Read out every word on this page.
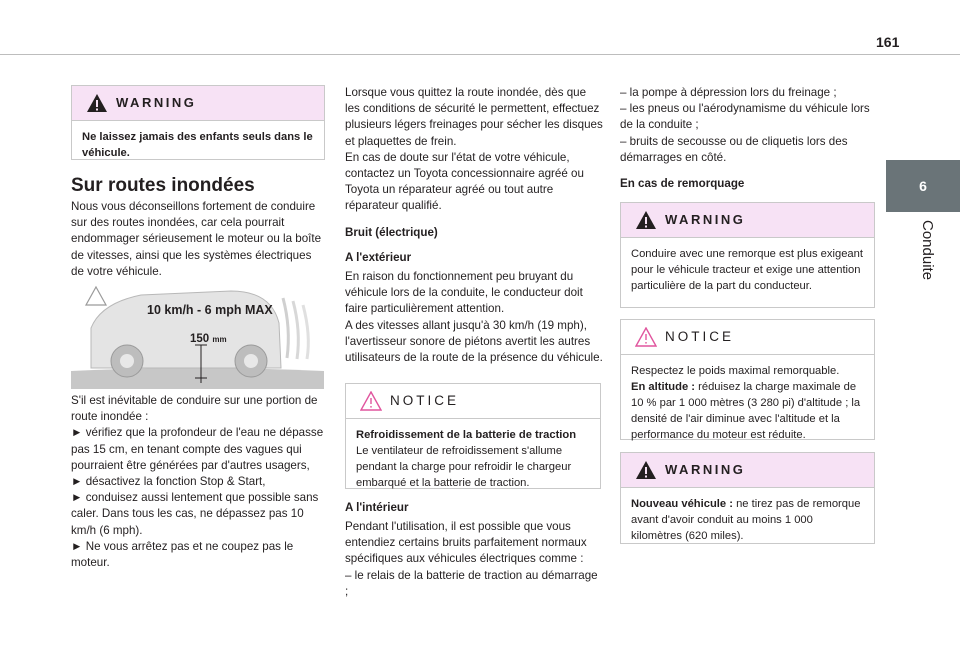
161
6
Conduite
WARNING
Ne laissez jamais des enfants seuls dans le véhicule.
Sur routes inondées

Nous vous déconseillons fortement de conduire sur des routes inondées, car cela pourrait endommager sérieusement le moteur ou la boîte de vitesses, ainsi que les systèmes électriques de votre véhicule.

10 km/h - 6 mph MAX
150 mm

S'il est inévitable de conduire sur une portion de route inondée :

► vérifiez que la profondeur de l'eau ne dépasse pas 15 cm, en tenant compte des vagues qui pourraient être générées par d'autres usagers,

► désactivez la fonction Stop & Start,

► conduisez aussi lentement que possible sans caler. Dans tous les cas, ne dépassez pas 10 km/h (6 mph).

► Ne vous arrêtez pas et ne coupez pas le moteur.

Lorsque vous quittez la route inondée, dès que les conditions de sécurité le permettent, effectuez plusieurs légers freinages pour sécher les disques et plaquettes de frein.

En cas de doute sur l'état de votre véhicule, contactez un Toyota concessionnaire agréé ou Toyota un réparateur agréé ou tout autre réparateur qualifié.

Bruit (électrique)
A l'extérieur

En raison du fonctionnement peu bruyant du véhicule lors de la conduite, le conducteur doit faire particulièrement attention.

A des vitesses allant jusqu'à 30 km/h (19 mph), l'avertisseur sonore de piétons avertit les autres utilisateurs de la route de la présence du véhicule.

NOTICE

Refroidissement de la batterie de traction

Le ventilateur de refroidissement s'allume pendant la charge pour refroidir le chargeur embarqué et la batterie de traction.

A l'intérieur

Pendant l'utilisation, il est possible que vous entendiez certains bruits parfaitement normaux spécifiques aux véhicules électriques comme :

– le relais de la batterie de traction au démarrage ;

– la pompe à dépression lors du freinage ;

– les pneus ou l'aérodynamisme du véhicule lors de la conduite ;

– bruits de secousse ou de cliquetis lors des démarrages en côté.

En cas de remorquage
WARNING
Conduire avec une remorque est plus exigeant pour le véhicule tracteur et exige une attention particulière de la part du conducteur.
NOTICE

Respectez le poids maximal remorquable.

En altitude : réduisez la charge maximale de 10 % par 1 000 mètres (3 280 pi) d'altitude ; la densité de l'air diminue avec l'altitude et la performance du moteur est réduite.

WARNING
Nouveau véhicule : ne tirez pas de remorque avant d'avoir conduit au moins 1 000 kilomètres (620 miles).
